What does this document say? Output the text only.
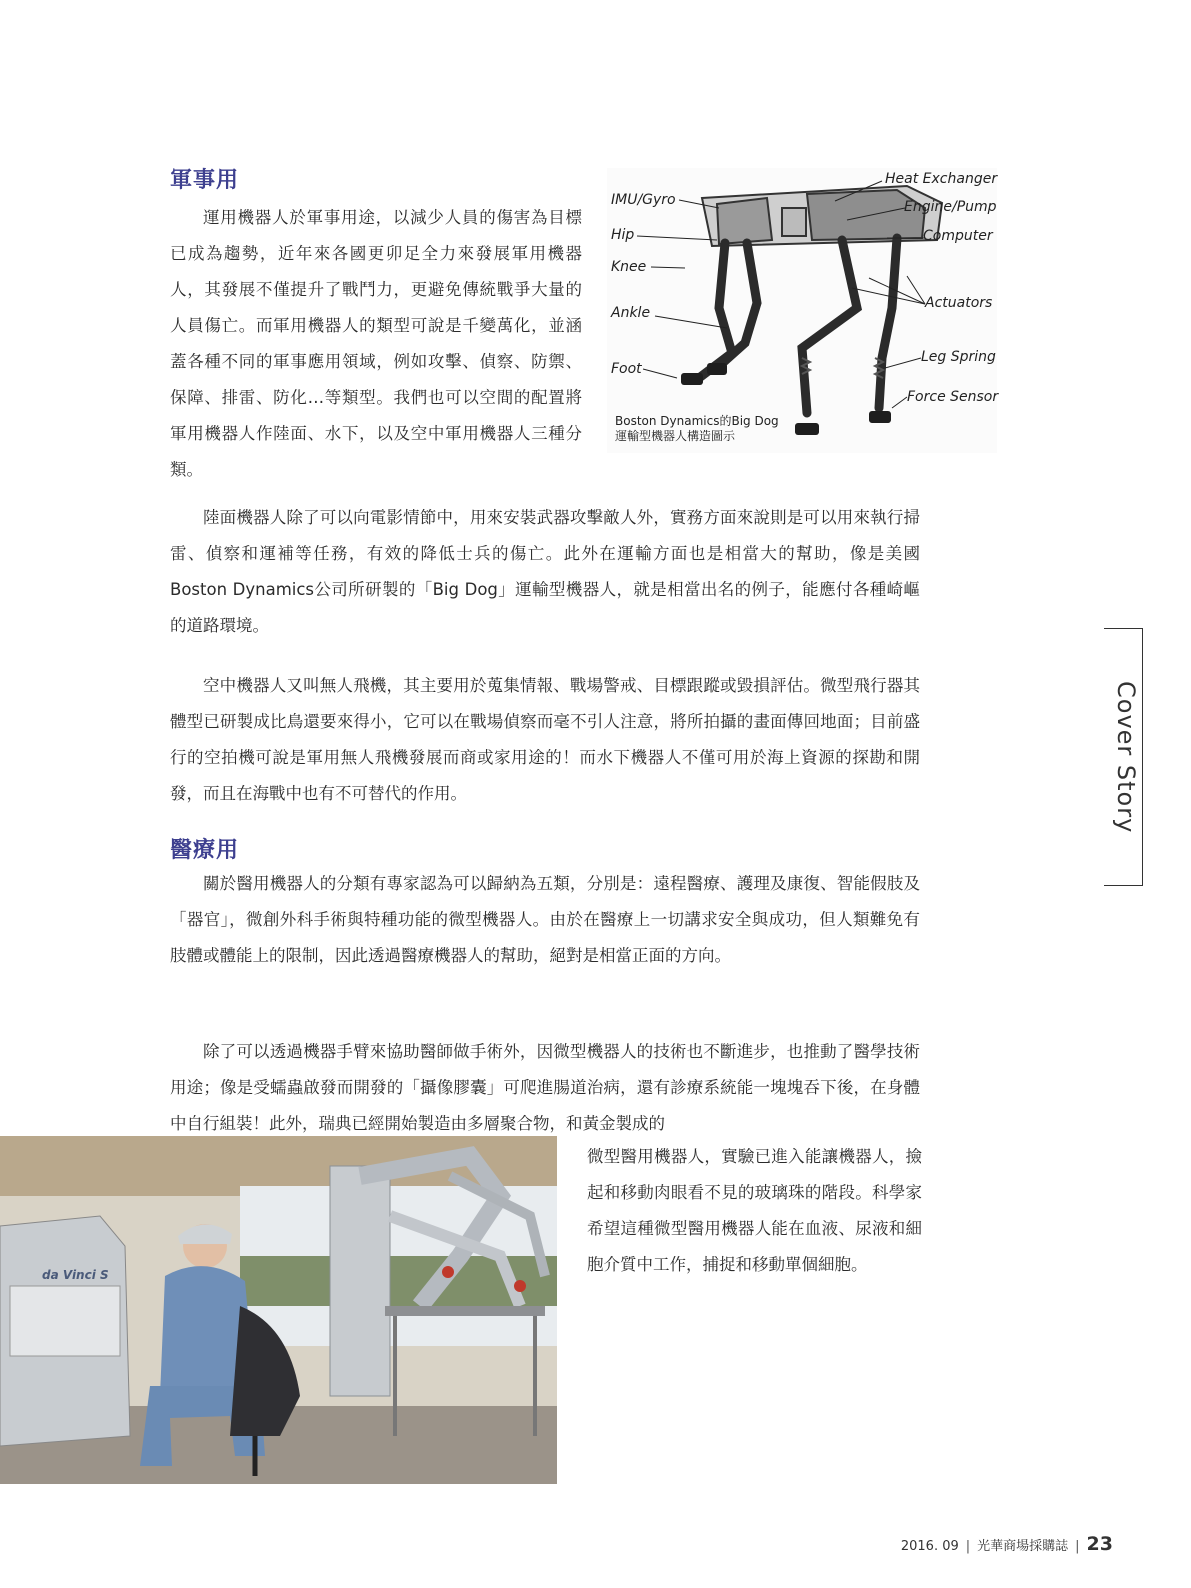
軍事用

運用機器人於軍事用途，以減少人員的傷害為目標已成為趨勢，近年來各國更卯足全力來發展軍用機器人，其發展不僅提升了戰鬥力，更避免傳統戰爭大量的人員傷亡。而軍用機器人的類型可說是千變萬化，並涵蓋各種不同的軍事應用領域，例如攻擊、偵察、防禦、保障、排雷、防化…等類型。我們也可以空間的配置將軍用機器人作陸面、水下，以及空中軍用機器人三種分類。

IMU/Gyro
Hip
Knee
Ankle
Foot
Heat Exchanger
Engine/Pump
Computer
Actuators
Leg Spring
Force Sensor
Boston Dynamics的Big Dog
運輸型機器人構造圖示

陸面機器人除了可以向電影情節中，用來安裝武器攻擊敵人外，實務方面來說則是可以用來執行掃雷、偵察和運補等任務，有效的降低士兵的傷亡。此外在運輸方面也是相當大的幫助，像是美國Boston Dynamics公司所研製的「Big Dog」運輸型機器人，就是相當出名的例子，能應付各種崎嶇的道路環境。

空中機器人又叫無人飛機，其主要用於蒐集情報、戰場警戒、目標跟蹤或毀損評估。微型飛行器其體型已研製成比鳥還要來得小，它可以在戰場偵察而毫不引人注意，將所拍攝的畫面傳回地面；目前盛行的空拍機可說是軍用無人飛機發展而商或家用途的！而水下機器人不僅可用於海上資源的探勘和開發，而且在海戰中也有不可替代的作用。

醫療用

關於醫用機器人的分類有專家認為可以歸納為五類，分別是：遠程醫療、護理及康復、智能假肢及「器官」，微創外科手術與特種功能的微型機器人。由於在醫療上一切講求安全與成功，但人類難免有肢體或體能上的限制，因此透過醫療機器人的幫助，絕對是相當正面的方向。

除了可以透過機器手臂來協助醫師做手術外，因微型機器人的技術也不斷進步，也推動了醫學技術用途；像是受蠕蟲啟發而開發的「攝像膠囊」可爬進腸道治病，還有診療系統能一塊塊吞下後，在身體中自行組裝！此外，瑞典已經開始製造由多層聚合物，和黃金製成的

微型醫用機器人，實驗已進入能讓機器人，撿起和移動肉眼看不見的玻璃珠的階段。科學家希望這種微型醫用機器人能在血液、尿液和細胞介質中工作，捕捉和移動單個細胞。

da Vinci S
Cover Story
2016. 09 | 光華商場採購誌 | 23
